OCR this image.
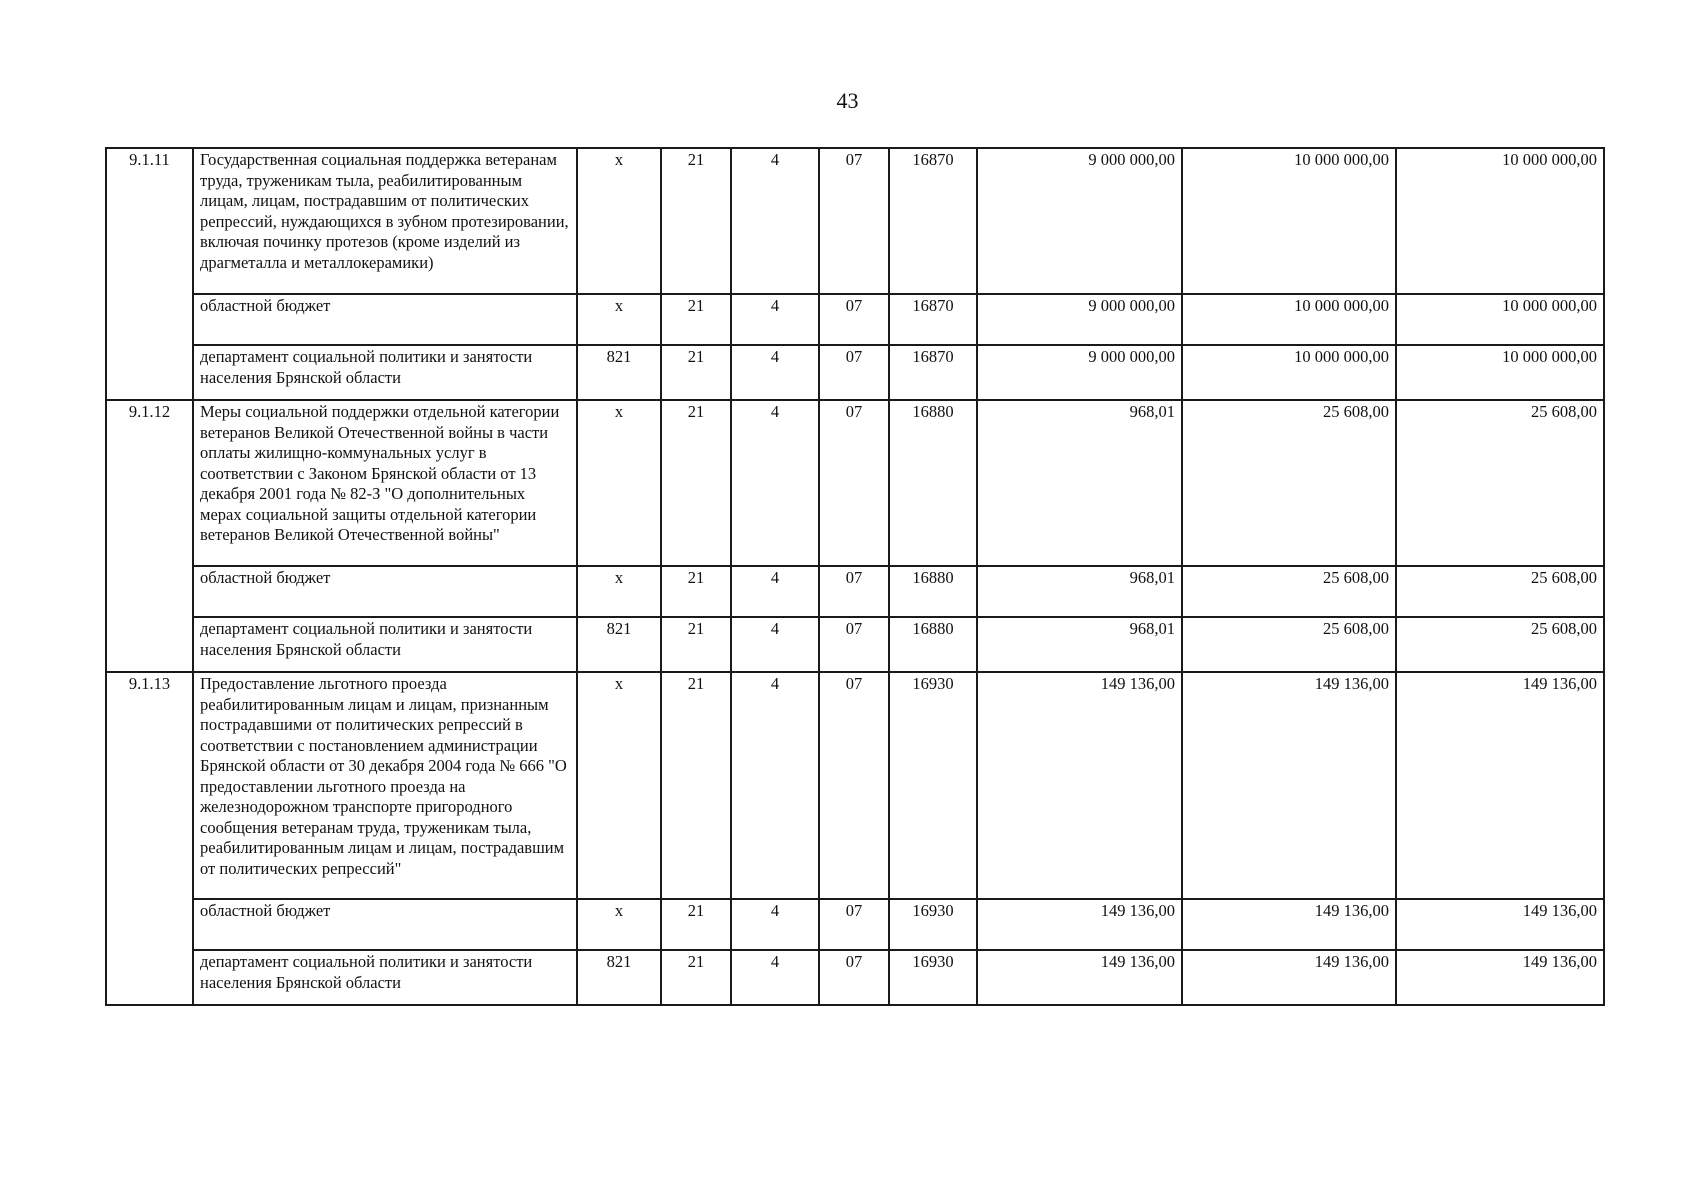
43
9.1.11	Государственная социальная поддержка ветеранам труда, труженикам тыла, реабилитированным лицам, лицам, пострадавшим от политических репрессий, нуждающихся в зубном протезировании, включая починку протезов (кроме изделий из драгметалла и металлокерамики)	х	21	4	07	16870	9 000 000,00	10 000 000,00	10 000 000,00
	областной бюджет	х	21	4	07	16870	9 000 000,00	10 000 000,00	10 000 000,00
	департамент социальной политики и занятости населения Брянской области	821	21	4	07	16870	9 000 000,00	10 000 000,00	10 000 000,00
9.1.12	Меры социальной поддержки отдельной категории ветеранов Великой Отечественной войны в части оплаты жилищно-коммунальных услуг в соответствии с Законом Брянской области от 13 декабря 2001 года № 82-З "О дополнительных мерах социальной защиты отдельной категории ветеранов Великой Отечественной войны"	х	21	4	07	16880	968,01	25 608,00	25 608,00
	областной бюджет	х	21	4	07	16880	968,01	25 608,00	25 608,00
	департамент социальной политики и занятости населения Брянской области	821	21	4	07	16880	968,01	25 608,00	25 608,00
9.1.13	Предоставление льготного проезда реабилитированным лицам и лицам, признанным пострадавшими от политических репрессий в соответствии с постановлением администрации Брянской области от 30 декабря 2004 года № 666 "О предоставлении льготного проезда на железнодорожном транспорте пригородного сообщения ветеранам труда, труженикам тыла, реабилитированным лицам и лицам, пострадавшим от политических репрессий"	х	21	4	07	16930	149 136,00	149 136,00	149 136,00
	областной бюджет	х	21	4	07	16930	149 136,00	149 136,00	149 136,00
	департамент социальной политики и занятости населения Брянской области	821	21	4	07	16930	149 136,00	149 136,00	149 136,00
